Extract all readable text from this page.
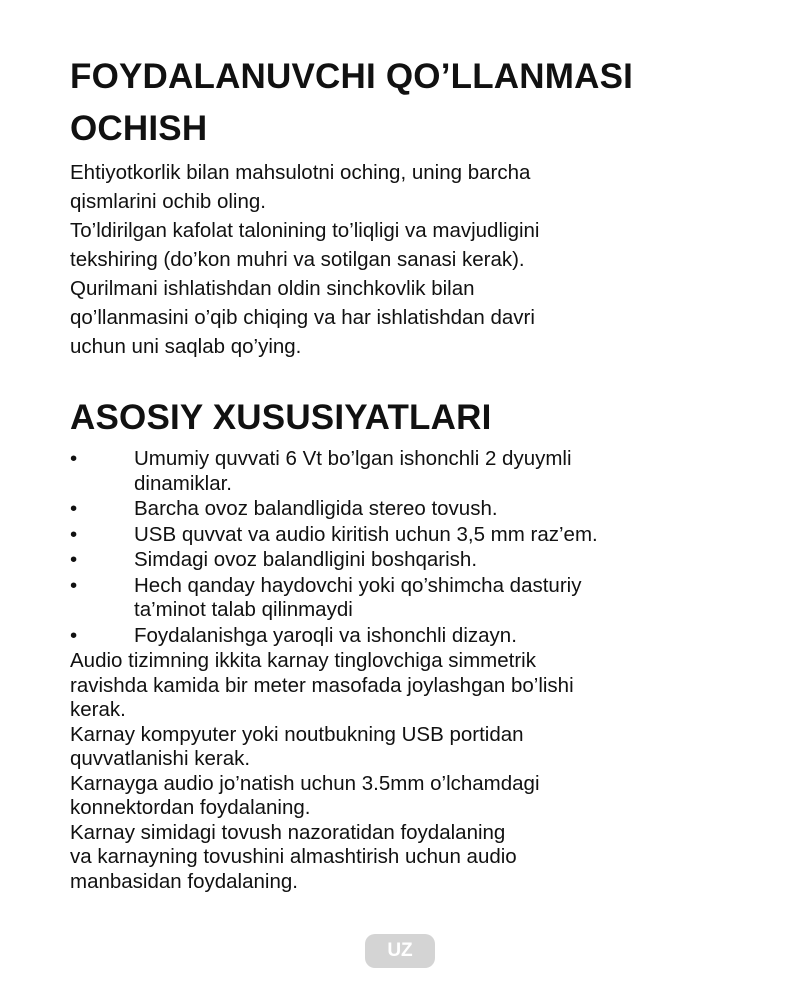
FOYDALANUVCHI QO’LLANMASI
OCHISH
Ehtiyotkorlik bilan mahsulotni oching, uning barcha
qismlarini ochib oling.
To’ldirilgan kafolat talonining to’liqligi va mavjudligini
tekshiring (do’kon muhri va sotilgan sanasi kerak).
Qurilmani ishlatishdan oldin sinchkovlik bilan
qo’llanmasini o’qib chiqing va har ishlatishdan davri
uchun uni saqlab qo’ying.
ASOSIY XUSUSIYATLARI
•	Umumiy quvvati 6 Vt bo’lgan ishonchli 2 dyuymli
dinamiklar.
•	Barcha ovoz balandligida stereo tovush.
•	USB quvvat va audio kiritish uchun 3,5 mm raz’em.
•	Simdagi ovoz balandligini boshqarish.
•	Hech qanday haydovchi yoki qo’shimcha dasturiy
ta’minot talab qilinmaydi
•	Foydalanishga yaroqli va ishonchli dizayn.
Audio tizimning ikkita karnay tinglovchiga simmetrik
ravishda kamida bir meter masofada joylashgan bo’lishi
kerak.
Karnay kompyuter yoki noutbukning USB portidan
quvvatlanishi kerak.
Karnayga audio jo’natish uchun 3.5mm o’lchamdagi
konnektordan foydalaning.
Karnay simidagi tovush nazoratidan foydalaning
va karnayning tovushini almashtirish uchun audio
manbasidan foydalaning.
UZ
